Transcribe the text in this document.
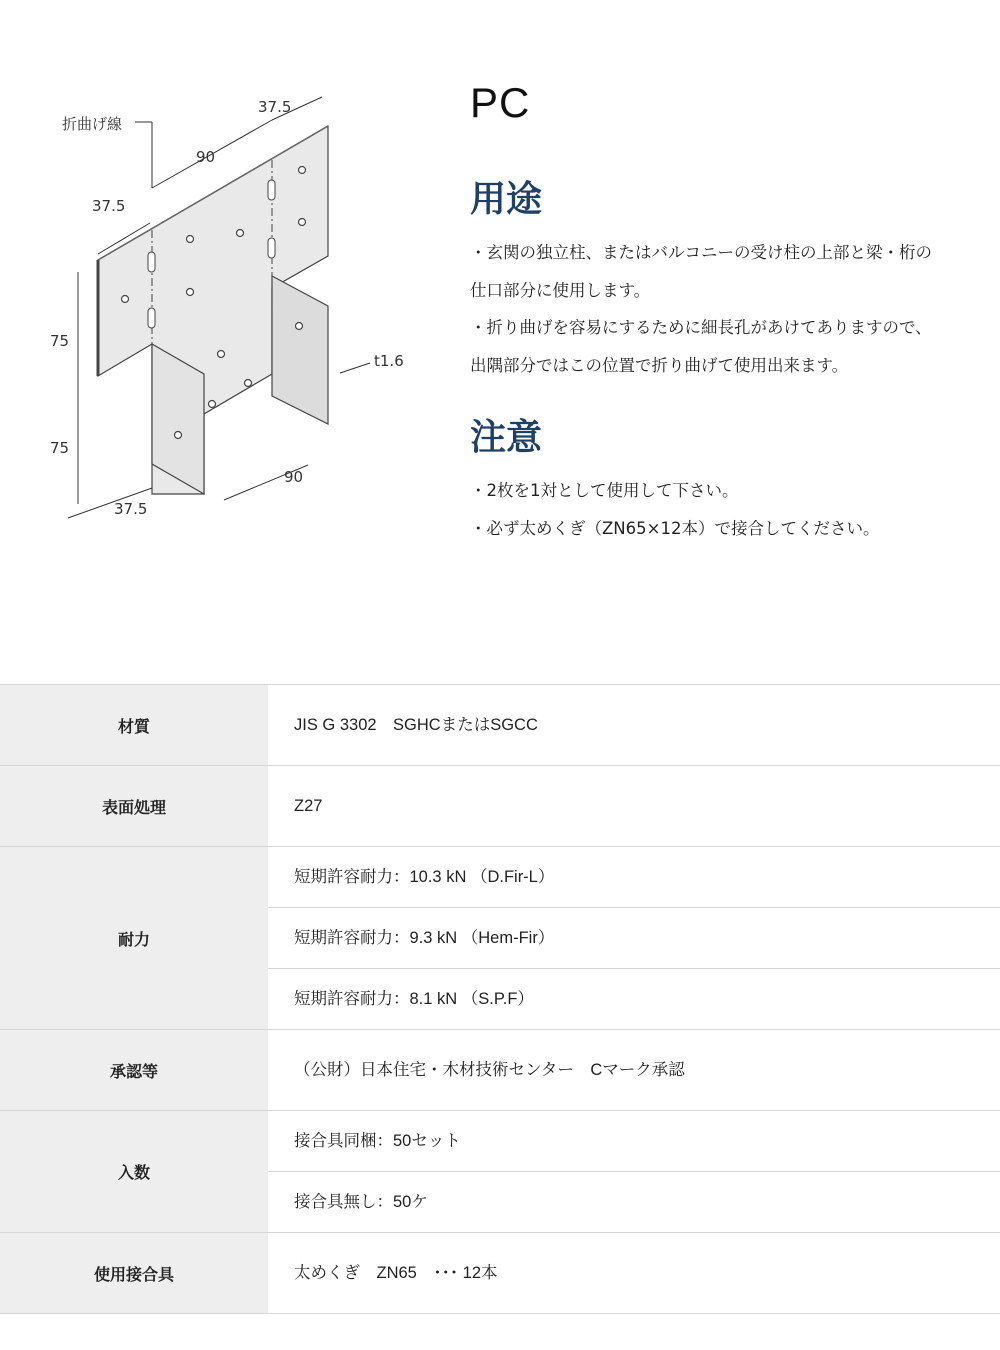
折曲げ線
37.5
90
37.5
75
75
t1.6
90
37.5
PC
用途
・玄関の独立柱、またはバルコニーの受け柱の上部と梁・桁の
仕口部分に使用します。
・折り曲げを容易にするために細長孔があけてありますので、
出隅部分ではこの位置で折り曲げて使用出来ます。
注意
・2枚を1対として使用して下さい。
・必ず太めくぎ（ZN65×12本）で接合してください。
材質	JIS G 3302　SGHCまたはSGCC
表面処理	Z27
耐力
短期許容耐力：10.3 kN （D.Fir-L）
短期許容耐力：9.3 kN （Hem-Fir）
短期許容耐力：8.1 kN （S.P.F）
承認等	（公財）日本住宅・木材技術センター　Cマーク承認
入数
接合具同梱：50セット
接合具無し：50ケ
使用接合具	太めくぎ　ZN65　･･･ 12本
